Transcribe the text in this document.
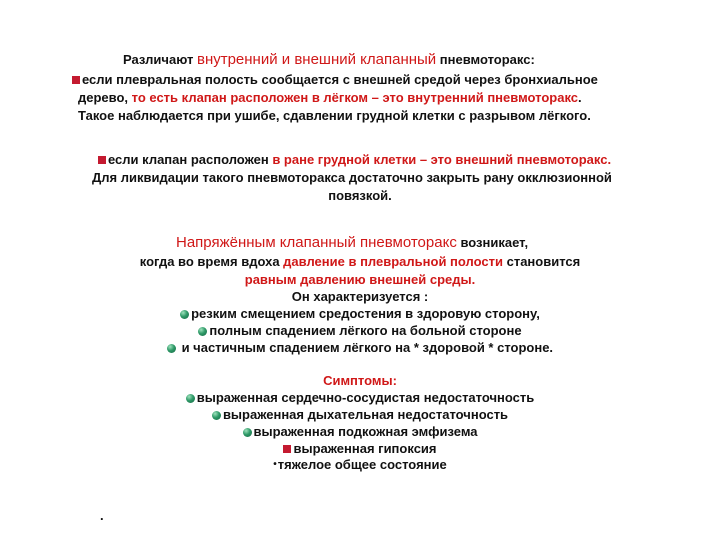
Различают внутренний и внешний клапанный пневмоторакс:
если плевральная полость сообщается с внешней средой через бронхиальное
дерево, то есть клапан расположен в лёгком – это внутренний пневмоторакс.
Такое наблюдается при ушибе, сдавлении грудной клетки с разрывом лёгкого.
если клапан расположен в ране грудной клетки – это внешний пневмоторакс.
Для ликвидации такого пневмоторакса достаточно закрыть рану окклюзионной
повязкой.
Напряжённым клапанный пневмоторакс возникает,
когда во время вдоха давление в плевральной полости становится
равным давлению внешней среды.
Он характеризуется :
резким смещением средостения в здоровую сторону,
полным спадением лёгкого на больной стороне
и частичным спадением лёгкого на * здоровой * стороне.
Симптомы:
выраженная сердечно-сосудистая недостаточность
выраженная дыхательная недостаточность
выраженная подкожная эмфизема
выраженная гипоксия
•тяжелое общее состояние
.
